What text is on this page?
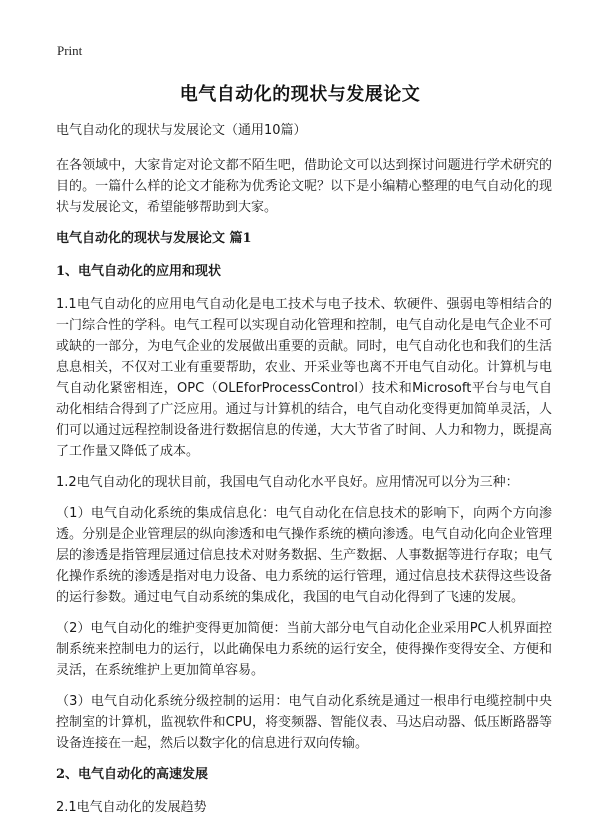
Print
电气自动化的现状与发展论文

电气自动化的现状与发展论文（通用10篇）

在各领域中，大家肯定对论文都不陌生吧，借助论文可以达到探讨问题进行学术研究的目的。一篇什么样的论文才能称为优秀论文呢？以下是小编精心整理的电气自动化的现状与发展论文，希望能够帮助到大家。

电气自动化的现状与发展论文 篇1
1、电气自动化的应用和现状

1.1电气自动化的应用电气自动化是电工技术与电子技术、软硬件、强弱电等相结合的一门综合性的学科。电气工程可以实现自动化管理和控制，电气自动化是电气企业不可或缺的一部分，为电气企业的发展做出重要的贡献。同时，电气自动化也和我们的生活息息相关，不仅对工业有重要帮助，农业、开采业等也离不开电气自动化。计算机与电气自动化紧密相连，OPC（OLEforProcessControl）技术和Microsoft平台与电气自动化相结合得到了广泛应用。通过与计算机的结合，电气自动化变得更加简单灵活，人们可以通过远程控制设备进行数据信息的传递，大大节省了时间、人力和物力，既提高了工作量又降低了成本。

1.2电气自动化的现状目前，我国电气自动化水平良好。应用情况可以分为三种：

（1）电气自动化系统的集成信息化：电气自动化在信息技术的影响下，向两个方向渗透。分别是企业管理层的纵向渗透和电气操作系统的横向渗透。电气自动化向企业管理层的渗透是指管理层通过信息技术对财务数据、生产数据、人事数据等进行存取；电气化操作系统的渗透是指对电力设备、电力系统的运行管理，通过信息技术获得这些设备的运行参数。通过电气自动系统的集成化，我国的电气自动化得到了飞速的发展。

（2）电气自动化的维护变得更加简便：当前大部分电气自动化企业采用PC人机界面控制系统来控制电力的运行，以此确保电力系统的运行安全，使得操作变得安全、方便和灵活，在系统维护上更加简单容易。

（3）电气自动化系统分级控制的运用：电气自动化系统是通过一根串行电缆控制中央控制室的计算机，监视软件和CPU，将变频器、智能仪表、马达启动器、低压断路器等设备连接在一起，然后以数字化的信息进行双向传输。

2、电气自动化的高速发展

2.1电气自动化的发展趋势
